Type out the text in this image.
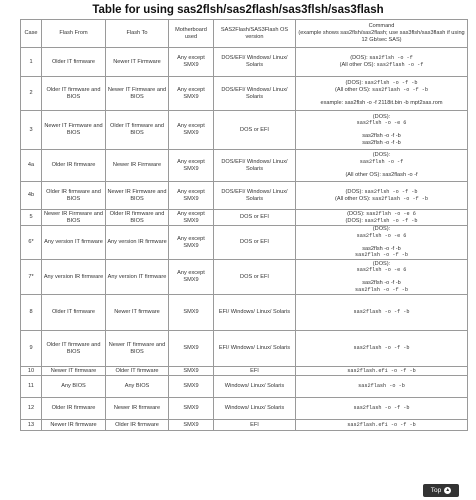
Table for using sas2flsh/sas2flash/sas3flsh/sas3flash
Case	Flash From	Flash To	Motherboard used	SAS2Flash/SAS3Flash OS version	Command
(example shows sas2flsh/sas2flash; use sas3flsh/sas3flash if using 12 Gb/sec SAS)

1	Older IT firmware	Newer IT Firmware	Any except SMX9	DOS/EFI/ Windows/ Linux/ Solaris	(DOS): sas2flsh -o -f
(All other OS): sas2flash -o -f

2	Older IT firmware and BIOS	Newer IT Firmware and BIOS	Any except SMX9	DOS/EFI/ Windows/ Linux/ Solaris	(DOS): sas2flsh -o -f -b
(All other OS): sas2flash -o -f -b
example: sas2flsh -o -f 2118it.bin -b mpt2sas.rom

3	Newer IT Firmware and BIOS	Older IT firmware and BIOS	Any except SMX9	DOS or EFI	(DOS):
sas2flsh -o -e 6
sas2flsh -o -f -b
sas2flsh -o -f -b

4a	Older IR firmware	Newer IR Firmware	Any except SMX9	DOS/EFI/ Windows/ Linux/ Solaris	(DOS):
sas2flsh -o -f
(All other OS): sas2flash -o -f

4b	Older IR firmware and BIOS	Newer IR Firmware and BIOS	Any except SMX9	DOS/EFI/ Windows/ Linux/ Solaris	(DOS): sas2flsh -o -f -b
(All other OS): sas2flash -o -f -b

5	Newer IR Firmware and BIOS	Older IR firmware and BIOS	Any except SMX9	DOS or EFI	(DOS): sas2flsh -o -e 6
(DOS): sas2flsh -o -f -b

6*	Any version IT firmware	Any version IR firmware	Any except SMX9	DOS or EFI	(DOS):
sas2flsh -o -e 6
sas2flsh -o -f -b
sas2flsh -o -f -b

7*	Any version IR firmware	Any version IT firmware	Any except SMX9	DOS or EFI	(DOS):
sas2flsh -o -e 6
sas2flsh -o -f -b
sas2flsh -o -f -b

8	Older IT firmware	Newer IT firmware	SMX9	EFI/ Windows/ Linux/ Solaris	sas2flash -o -f -b

9	Older IT firmware and BIOS	Newer IT firmware and BIOS	SMX9	EFI/ Windows/ Linux/ Solaris	sas2flash -o -f -b

10	Newer IT firmware	Older IT firmware	SMX9	EFI	sas2flash.efi -o -f -b

11	Any BIOS	Any BIOS	SMX9	Windows/ Linux/ Solaris	sas2flash -o -b

12	Older IR firmware	Newer IR firmware	SMX9	Windows/ Linux/ Solaris	sas2flash -o -f -b

13	Newer IR firmware	Older IR firmware	SMX9	EFI	sas2flash.efi -o -f -b
Top ▲
